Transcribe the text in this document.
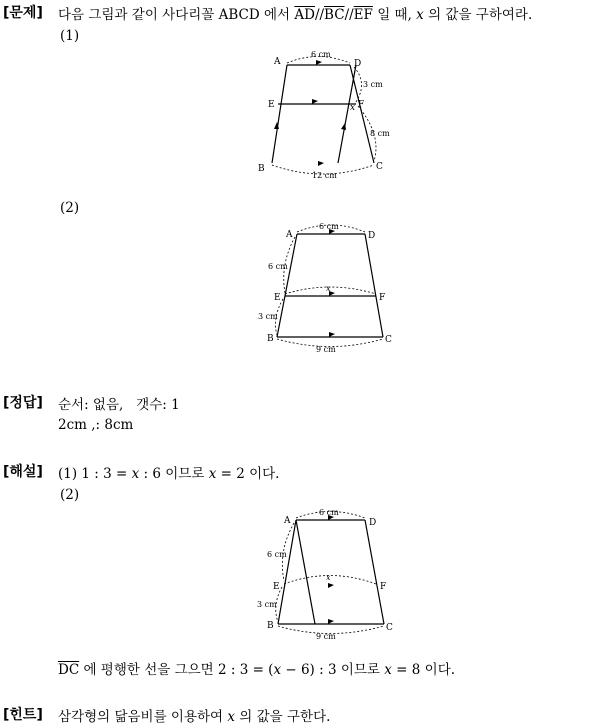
[문제] 다음 그림과 같이 사다리꼴 ABCD 에서 $\overline{AD}//\overline{BC}//\overline{EF}$ 일 때, x 의 값을 구하여라.
(1)
A	D
E	F
B	C
x
6 cm
3 cm
8 cm
12 cm
(2)
A	D
E	F
B	C
x
6 cm
6 cm
3 cm
9 cm
[정답] 순서: 없음,   갯수: 1
2cm ,: 8cm
[해설] (1) 1 : 3 = x : 6 이므로 x = 2 이다.
(2)
A	D
E	F
B	C
x
6 cm
6 cm
3 cm
9 cm
$\overline{DC}$ 에 평행한 선을 그으면 2 : 3 = (x − 6) : 3 이므로 x = 8 이다.
[힌트] 삼각형의 닮음비를 이용하여 x 의 값을 구한다.
